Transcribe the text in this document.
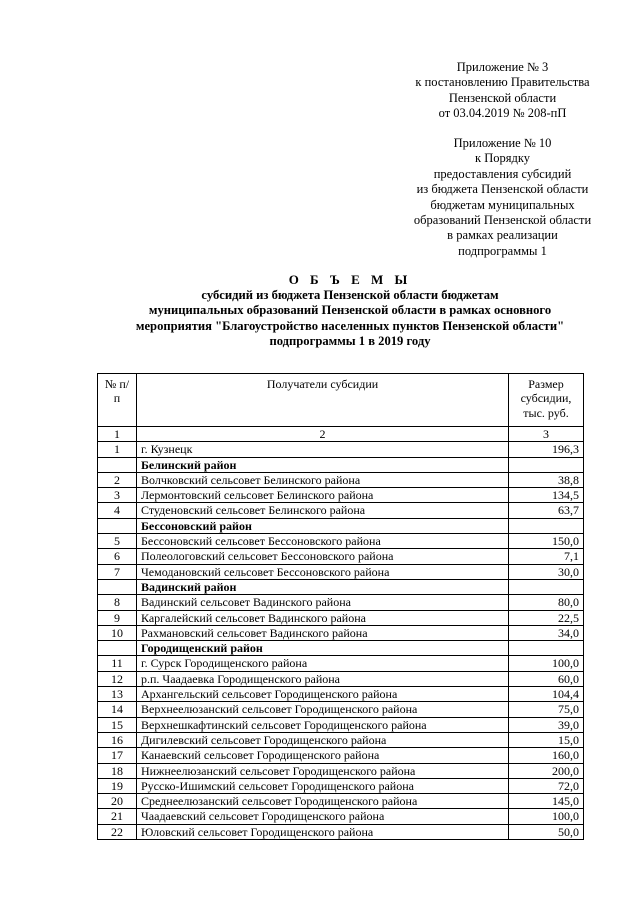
Приложение № 3
к постановлению Правительства
Пензенской области
от 03.04.2019 № 208-пП
Приложение № 10
к Порядку
предоставления субсидий
из бюджета Пензенской области
бюджетам муниципальных
образований Пензенской области
в рамках реализации
подпрограммы 1
О Б Ъ Е М Ы
субсидий из бюджета Пензенской области бюджетам
муниципальных образований Пензенской области в рамках основного
мероприятия "Благоустройство населенных пунктов Пензенской области"
подпрограммы 1 в 2019 году
№ п/п	Получатели субсидии	Размер субсидии, тыс. руб.
1	2	3
1	г. Кузнецк	196,3
	Белинский район	
2	Волчковский сельсовет Белинского района	38,8
3	Лермонтовский сельсовет Белинского района	134,5
4	Студеновский сельсовет Белинского района	63,7
	Бессоновский район	
5	Бессоновский сельсовет Бессоновского района	150,0
6	Полеологовский сельсовет Бессоновского района	7,1
7	Чемодановский сельсовет Бессоновского района	30,0
	Вадинский район	
8	Вадинский сельсовет Вадинского района	80,0
9	Каргалейский сельсовет Вадинского района	22,5
10	Рахмановский сельсовет Вадинского района	34,0
	Городищенский район	
11	г. Сурск Городищенского района	100,0
12	р.п. Чаадаевка Городищенского района	60,0
13	Архангельский сельсовет Городищенского района	104,4
14	Верхнеелюзанский сельсовет Городищенского района	75,0
15	Верхнешкафтинский сельсовет Городищенского района	39,0
16	Дигилевский сельсовет Городищенского района	15,0
17	Канаевский сельсовет Городищенского района	160,0
18	Нижнеелюзанский сельсовет Городищенского района	200,0
19	Русско-Ишимский сельсовет Городищенского района	72,0
20	Среднеелюзанский сельсовет Городищенского района	145,0
21	Чаадаевский сельсовет Городищенского района	100,0
22	Юловский сельсовет Городищенского района	50,0
